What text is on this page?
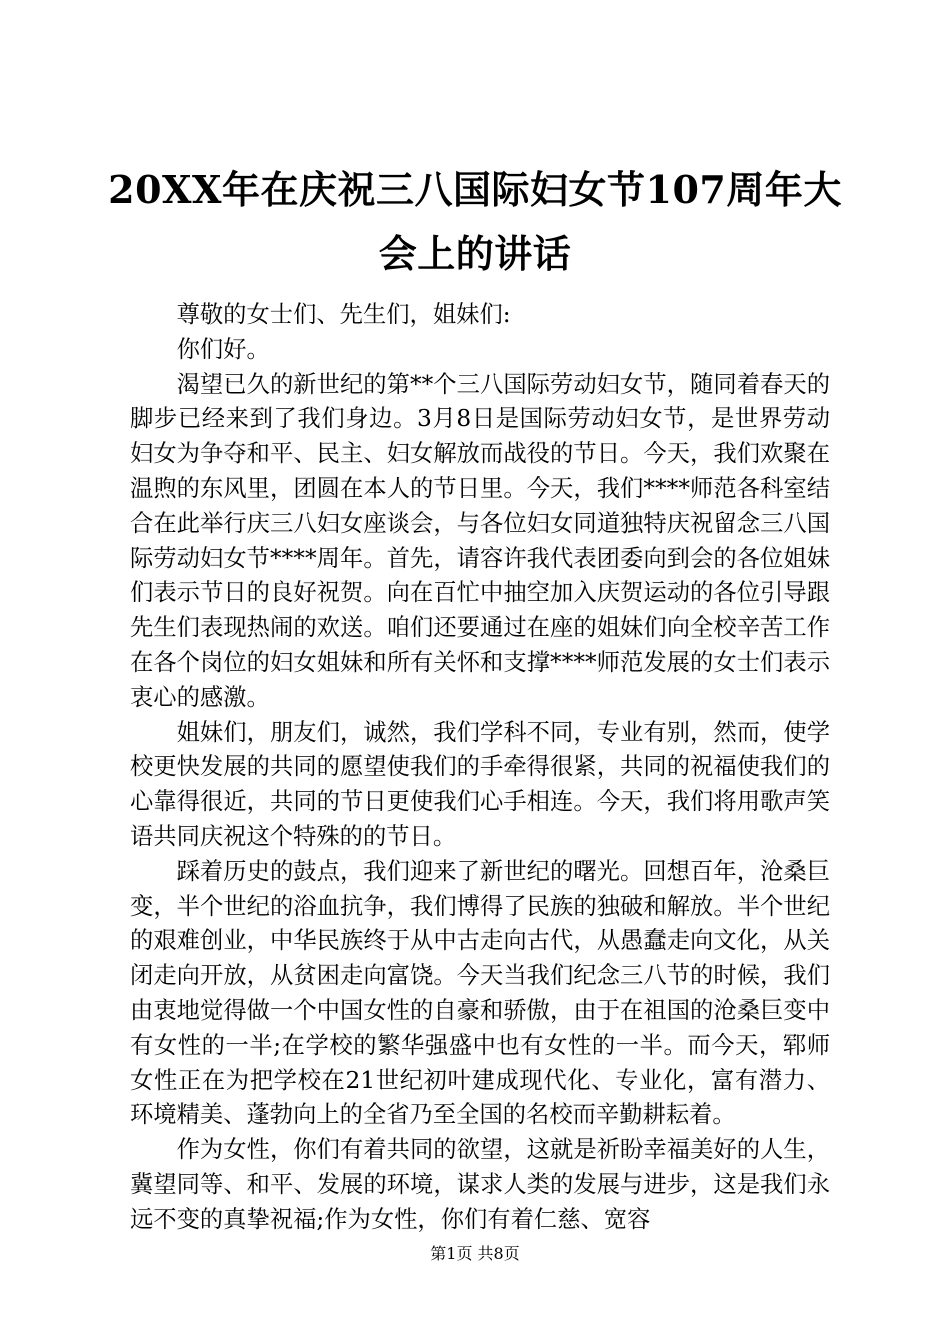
20XX年在庆祝三八国际妇女节107周年大会上的讲话

尊敬的女士们、先生们，姐妹们:

你们好。

渴望已久的新世纪的第**个三八国际劳动妇女节，随同着春天的脚步已经来到了我们身边。3月8日是国际劳动妇女节，是世界劳动妇女为争夺和平、民主、妇女解放而战役的节日。今天，我们欢聚在温煦的东风里，团圆在本人的节日里。今天，我们****师范各科室结合在此举行庆三八妇女座谈会，与各位妇女同道独特庆祝留念三八国际劳动妇女节****周年。首先，请容许我代表团委向到会的各位姐妹们表示节日的良好祝贺。向在百忙中抽空加入庆贺运动的各位引导跟先生们表现热闹的欢送。咱们还要通过在座的姐妹们向全校辛苦工作在各个岗位的妇女姐妹和所有关怀和支撑****师范发展的女士们表示衷心的感激。

姐妹们，朋友们，诚然，我们学科不同，专业有别，然而，使学校更快发展的共同的愿望使我们的手牵得很紧，共同的祝福使我们的心靠得很近，共同的节日更使我们心手相连。今天，我们将用歌声笑语共同庆祝这个特殊的的节日。

踩着历史的鼓点，我们迎来了新世纪的曙光。回想百年，沧桑巨变，半个世纪的浴血抗争，我们博得了民族的独破和解放。半个世纪的艰难创业，中华民族终于从中古走向古代，从愚蠢走向文化，从关闭走向开放，从贫困走向富饶。今天当我们纪念三八节的时候，我们由衷地觉得做一个中国女性的自豪和骄傲，由于在祖国的沧桑巨变中有女性的一半;在学校的繁华强盛中也有女性的一半。而今天，郓师女性正在为把学校在21世纪初叶建成现代化、专业化，富有潜力、环境精美、蓬勃向上的全省乃至全国的名校而辛勤耕耘着。

作为女性，你们有着共同的欲望，这就是祈盼幸福美好的人生，冀望同等、和平、发展的环境，谋求人类的发展与进步，这是我们永远不变的真挚祝福;作为女性，你们有着仁慈、宽容

第1页 共8页
